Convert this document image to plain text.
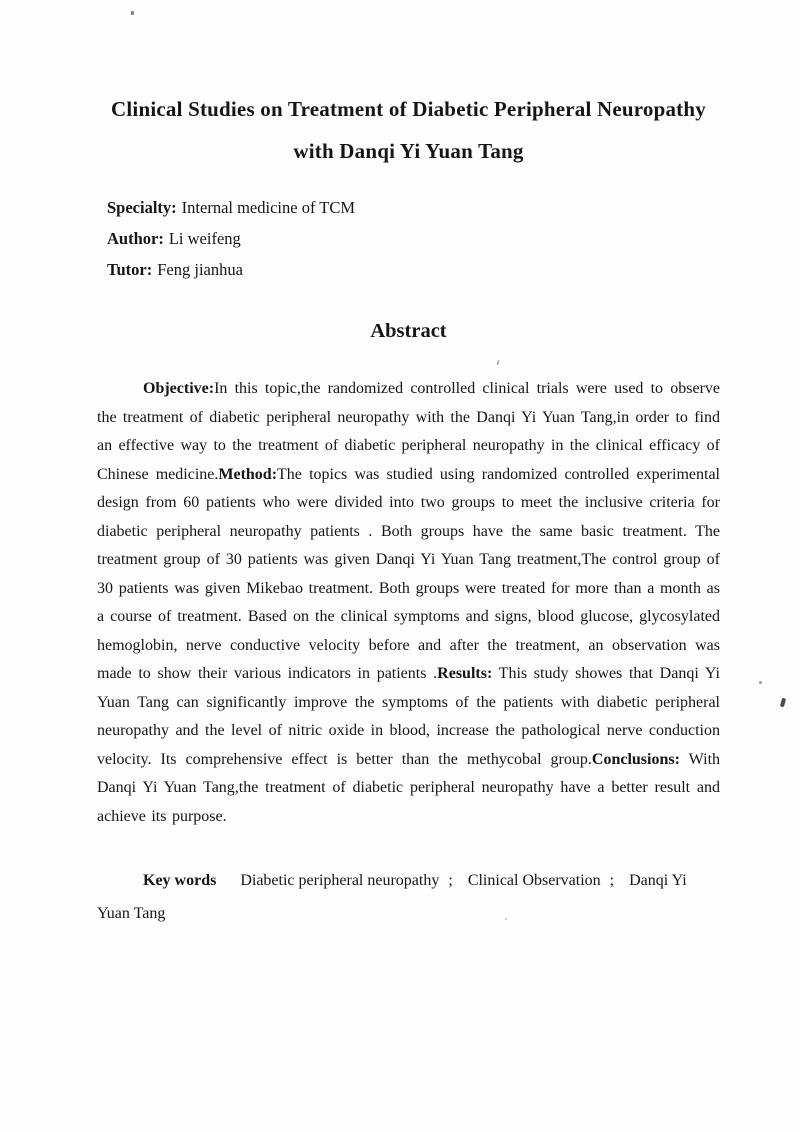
Clinical Studies on Treatment of Diabetic Peripheral Neuropathy
with Danqi Yi Yuan Tang
Specialty: Internal medicine of TCM
Author: Li weifeng
Tutor: Feng jianhua
Abstract

Objective:In this topic,the randomized controlled clinical trials were used to observe the treatment of diabetic peripheral neuropathy with the Danqi Yi Yuan Tang,in order to find an effective way to the treatment of diabetic peripheral neuropathy in the clinical efficacy of Chinese medicine.Method:The topics was studied using randomized controlled experimental design from 60 patients who were divided into two groups to meet the inclusive criteria for diabetic peripheral neuropathy patients . Both groups have the same basic treatment. The treatment group of 30 patients was given Danqi Yi Yuan Tang treatment,The control group of 30 patients was given Mikebao treatment. Both groups were treated for more than a month as a course of treatment. Based on the clinical symptoms and signs, blood glucose, glycosylated hemoglobin, nerve conductive velocity before and after the treatment, an observation was made to show their various indicators in patients .Results: This study showes that Danqi Yi Yuan Tang can significantly improve the symptoms of the patients with diabetic peripheral neuropathy and the level of nitric oxide in blood, increase the pathological nerve conduction velocity. Its comprehensive effect is better than the methycobal group.Conclusions: With Danqi Yi Yuan Tang,the treatment of diabetic peripheral neuropathy have a better result and achieve its purpose.

Key words Diabetic peripheral neuropathy ; Clinical Observation ; Danqi Yi Yuan Tang
